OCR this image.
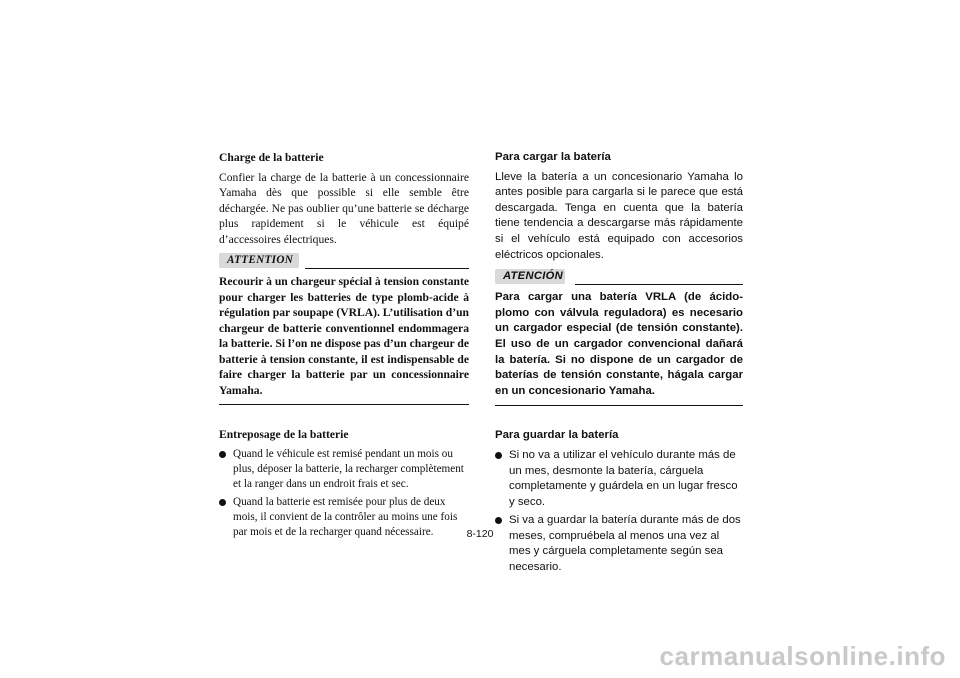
Charge de la batterie

Confier la charge de la batterie à un concessionnaire Yamaha dès que possible si elle semble être déchargée. Ne pas oublier qu’une batterie se décharge plus rapidement si le véhicule est équipé d’accessoires électriques.

ATTENTION

Recourir à un chargeur spécial à tension constante pour charger les batteries de type plomb-acide à régulation par soupape (VRLA). L’utilisation d’un chargeur de batterie conventionnel endommagera la batterie. Si l’on ne dispose pas d’un chargeur de batterie à tension constante, il est indispensable de faire charger la batterie par un concessionnaire Yamaha.

Entreposage de la batterie

Quand le véhicule est remisé pendant un mois ou plus, déposer la batterie, la recharger complètement et la ranger dans un endroit frais et sec.
Quand la batterie est remisée pour plus de deux mois, il convient de la contrôler au moins une fois par mois et de la recharger quand nécessaire.

Para cargar la batería

Lleve la batería a un concesionario Yamaha lo antes posible para cargarla si le parece que está descargada. Tenga en cuenta que la batería tiene tendencia a descargarse más rápidamente si el vehículo está equipado con accesorios eléctricos opcionales.

ATENCIÓN

Para cargar una batería VRLA (de ácido-plomo con válvula reguladora) es necesario un cargador especial (de tensión constante). El uso de un cargador convencional dañará la batería. Si no dispone de un cargador de baterías de tensión constante, hágala cargar en un concesionario Yamaha.

Para guardar la batería

Si no va a utilizar el vehículo durante más de un mes, desmonte la batería, cárguela completamente y guárdela en un lugar fresco y seco.
Si va a guardar la batería durante más de dos meses, compruébela al menos una vez al mes y cárguela completamente según sea necesario.
8-120
carmanualsonline.info
